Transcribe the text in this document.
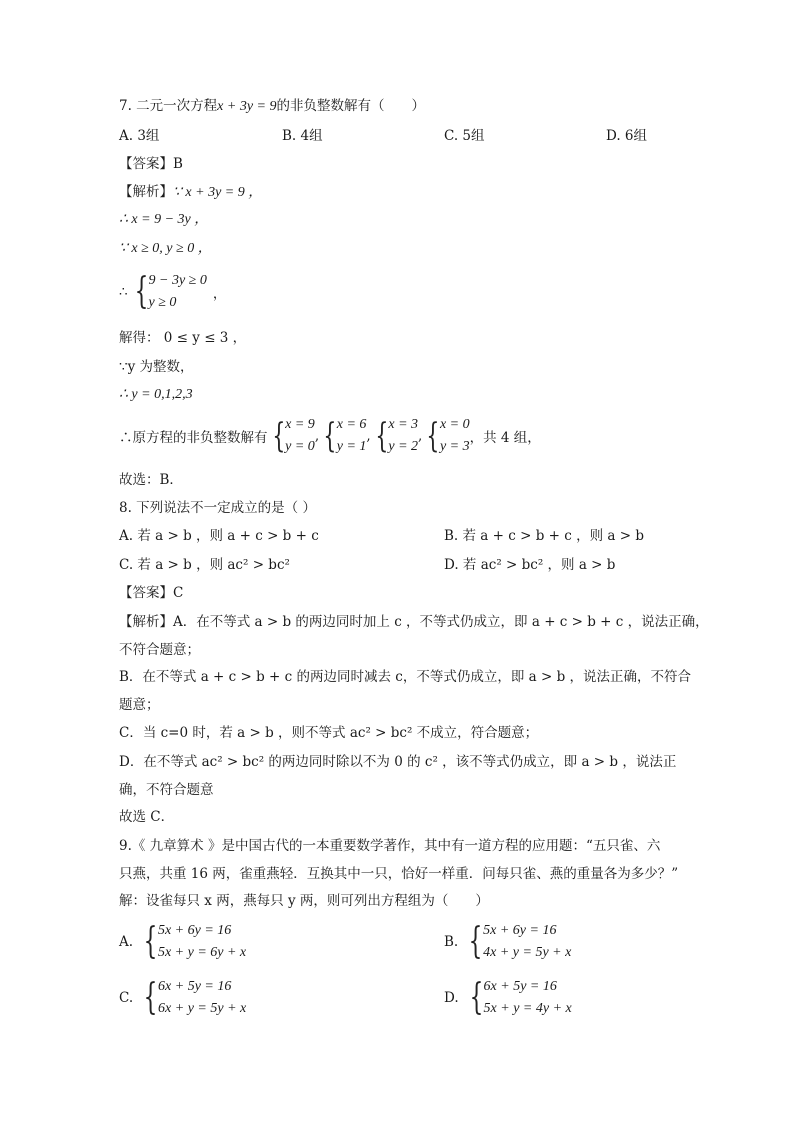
7. 二元一次方程x + 3y = 9的非负整数解有（　　）
A. 3组	B. 4组	C. 5组	D. 6组
【答案】B
【解析】∵ x + 3y = 9 ，
∴ x = 9 − 3y ，
∵ x ≥ 0, y ≥ 0 ，
∴ { 9 − 3y ≥ 0
y ≥ 0
，
解得： 0 ≤ y ≤ 3 ，
∵y 为整数，
∴ y = 0,1,2,3
∴原方程的非负整数解有 { x = 9
y = 0
, { x = 6
y = 1
, { x = 3
y = 2
, { x = 0
y = 3
，共 4 组，
故选：B．
8. 下列说法不一定成立的是（ ）
A. 若 a > b ，则 a + c > b + c	B. 若 a + c > b + c ，则 a > b
C. 若 a > b ，则 ac² > bc²	D. 若 ac² > bc² ，则 a > b
【答案】C
【解析】A．在不等式 a > b 的两边同时加上 c ，不等式仍成立，即 a + c > b + c ，说法正确，
不符合题意；
B．在不等式 a + c > b + c 的两边同时减去 c，不等式仍成立，即 a > b ，说法正确，不符合
题意；
C．当 c=0 时，若 a > b ，则不等式 ac² > bc² 不成立，符合题意；
D．在不等式 ac² > bc² 的两边同时除以不为 0 的 c² ，该不等式仍成立，即 a > b ，说法正
确，不符合题意
故选 C．
9.《 九章算术 》是中国古代的一本重要数学著作，其中有一道方程的应用题：“五只雀、六
只燕，共重 16 两，雀重燕轻．互换其中一只，恰好一样重．问每只雀、燕的重量各为多少？”
解：设雀每只 x 两，燕每只 y 两，则可列出方程组为（　　）
A. { 5x + 6y = 16
5x + y = 6y + x
B. { 5x + 6y = 16
4x + y = 5y + x
C. { 6x + 5y = 16
6x + y = 5y + x
D. { 6x + 5y = 16
5x + y = 4y + x
